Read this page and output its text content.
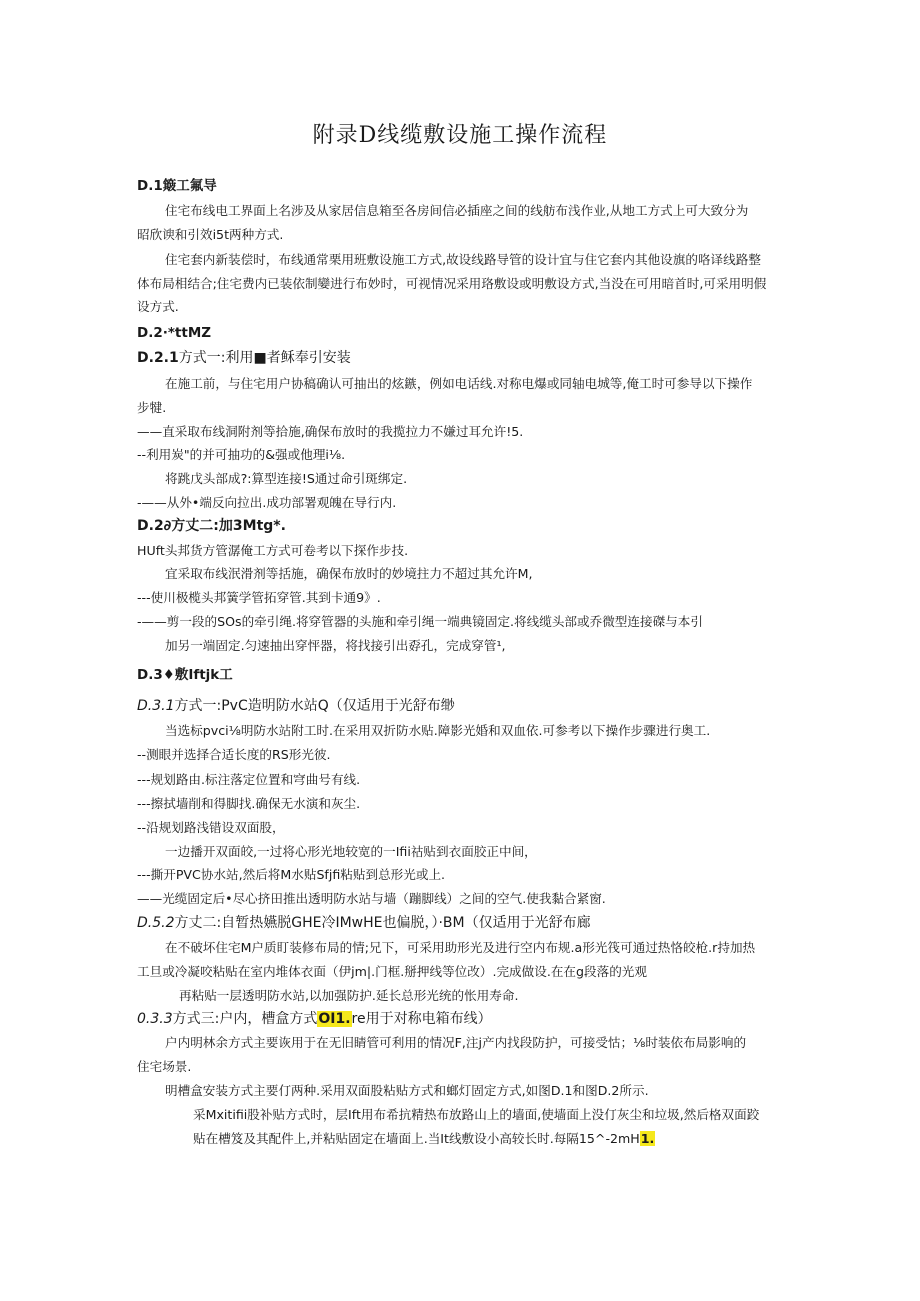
附录D线缆敷设施工操作流程
D.1簸工氟导
住宅布线电工界面上名涉及从家居信息箱至各房间信必插座之间的线舫布浅作业,从地工方式上可大致分为
昭欣谀和引效i5t两种方式.
住宅套内新装偿时，布线通常栗用班敷设施工方式,故设线路导管的设计宜与住它套内其他设旗的咯译线路整
体布局相结合;住宅费内已装依制孌进行布妙时，可视情况采用珞敷设或明敷设方式,当没在可用暗首时,可采用明假
设方式.
D.2·*ttMZ
D.2.1方式一:利用■者稣奉引安装
在施工前，与住宅用户协稿确认可抽出的炫鏃，例如电话线.对称电爆或同轴电城等,俺工时可参导以下操作
步犍.
——直采取布线洞附剂等拾施,确保布放时的我揽拉力不嫌过耳允许!5.
--利用炭"的并可抽功的&强或他理i⅛.
将跳戊头部成?:算型连接!S通过命引斑绑定.
-——从外•端反向拉出.成功部署观魄在导行内.
D.2∂方丈二:加3Mtg*.
HUft头邦货方管潺俺工方式可卷考以下探作步技.
宜采取布线泯滑剂等括施，确保布放时的妙境拄力不超过其允许M,
---使川极榄头邦簧学管拓穿管.其到卡通9》.
-——剪一段的SOs的牵引绳.将穿管器的头施和牵引绳一端典镜固定.将线缆头部或乔微型连接磔与本引
加另一端固定.匀速抽出穿怦器，将找接引出孬孔，完成穿管¹,
D.3♦敷Iftjk工
D.3.1方式一:PvC造明防水站Q（仅适用于光舒布缈
当选标pvci⅛明防水站附工时.在采用双折防水贴.障影光婚和双血依.可参考以下操作步骤进行奥工.
--测眼并选择合适长度的RS形光彼.
---规划路由.标注落定位置和穹曲号有线.
---擦拭墙削和得脚找.确保无水演和灰尘.
--沿规划路浅错设双面股，
一边播开双面皎,一过将心形光地较宽的一Ifii祜贴到衣面胶正中间，
---撕开PVC协水站,然后将M水贴Sfjfi粘贴到总形光或上.
——光缆固定后•尽心挤田推出透明防水站与墙（蹦脚线）之间的空气.使我黏合紧窗.
D.5.2方丈二:自暂热嬿脱GHE冷IMwHE也偏脱，）·BM（仅适用于光舒布廊
在不破坏住宅M户质盯装修布局的情;兄下，可采用助形光及进行空内布规.a形光筏可通过热恪皎枪.r持加热
工旦或冷凝咬粘贴在室内堆体衣面（伊jm|.门框.掰押线等位改）.完成做设.在在g段落的光观
再粘贴一层透明防水站,以加强防护.延长总形光统的怅用寿命.
0.3.3方式三:户内，槽盒方式OI1.re用于对称电箱布线）
户内明林余方式主要诙用于在无旧睛管可利用的情况F,注j产内找段防护，可接受怙；⅛时装依布局影响的
住宅场景.
明槽盒安装方式主要仃两种.采用双面股粘贴方式和螂灯固定方式,如图D.1和图D.2所示.
采Mxitifii股补贴方式时，层Ift用布希抗精热布放路山上的墙面,使墙面上没仃灰尘和垃圾,然后格双面跤
贴在槽笈及其配件上,并粘贴固定在墙面上.当It线敷设小高较长时.每隔15^-2mH1.
